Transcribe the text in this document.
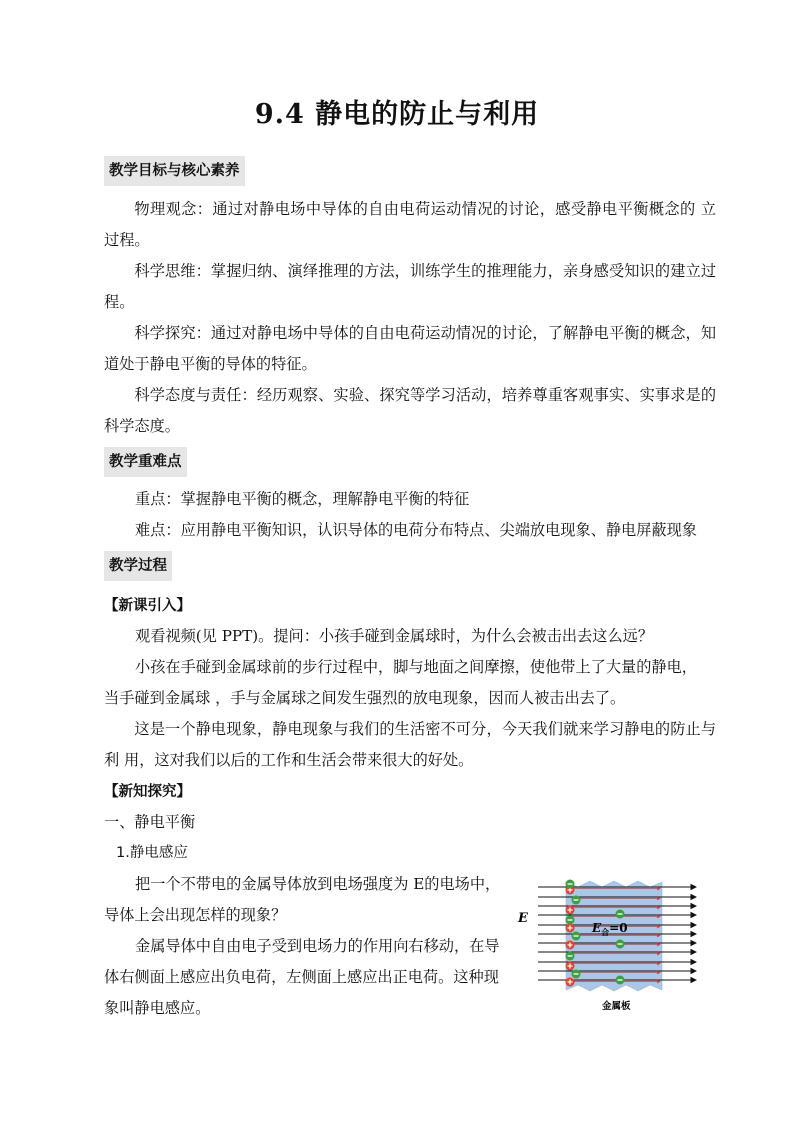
9.4 静电的防止与利用
教学目标与核心素养

物理观念：通过对静电场中导体的自由电荷运动情况的讨论，感受静电平衡概念的 立过程。

科学思维：掌握归纳、演绎推理的方法，训练学生的推理能力，亲身感受知识的建立过程。

科学探究：通过对静电场中导体的自由电荷运动情况的讨论，了解静电平衡的概念，知道处于静电平衡的导体的特征。

科学态度与责任：经历观察、实验、探究等学习活动，培养尊重客观事实、实事求是的科学态度。

教学重难点
重点：掌握静电平衡的概念，理解静电平衡的特征
难点：应用静电平衡知识，认识导体的电荷分布特点、尖端放电现象、静电屏蔽现象
教学过程
【新课引入】
观看视频(见 PPT)。提问：小孩手碰到金属球时，为什么会被击出去这么远？
小孩在手碰到金属球前的步行过程中，脚与地面之间摩擦，使他带上了大量的静电，
当手碰到金属球 ，手与金属球之间发生强烈的放电现象，因而人被击出去了。

这是一个静电现象，静电现象与我们的生活密不可分，今天我们就来学习静电的防止与利 用，这对我们以后的工作和生活会带来很大的好处。

【新知探究】
一、静电平衡
1.静电感应
把一个不带电的金属导体放到电场强度为 E的电场中，
导体上会出现怎样的现象？
金属导体中自由电子受到电场力的作用向右移动，在导
体右侧面上感应出负电荷，左侧面上感应出正电荷。这种现
象叫静电感应。
E
$E_合=0$
金属板
